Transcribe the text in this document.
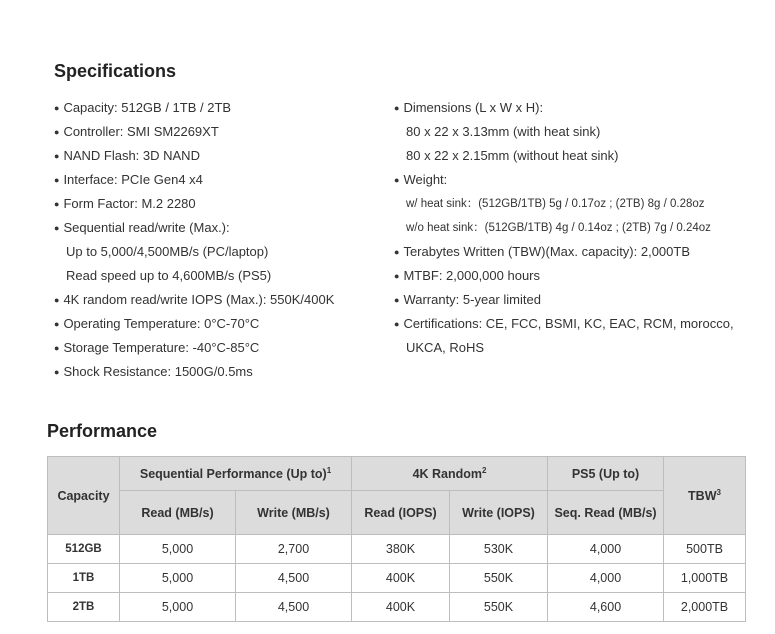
Specifications
● Capacity: 512GB / 1TB / 2TB
● Controller: SMI SM2269XT
● NAND Flash: 3D NAND
● Interface: PCIe Gen4 x4
● Form Factor: M.2 2280
● Sequential read/write (Max.):
Up to 5,000/4,500MB/s (PC/laptop)
Read speed up to 4,600MB/s (PS5)
● 4K random read/write IOPS (Max.): 550K/400K
● Operating Temperature: 0°C-70°C
● Storage Temperature: -40°C-85°C
● Shock Resistance: 1500G/0.5ms
● Dimensions (L x W x H):
80 x 22 x 3.13mm (with heat sink)
80 x 22 x 2.15mm (without heat sink)
● Weight:
w/ heat sink：(512GB/1TB) 5g / 0.17oz ; (2TB) 8g / 0.28oz
w/o heat sink：(512GB/1TB) 4g / 0.14oz ; (2TB) 7g / 0.24oz
● Terabytes Written (TBW)(Max. capacity): 2,000TB
● MTBF: 2,000,000 hours
● Warranty: 5-year limited
● Certifications: CE, FCC, BSMI, KC, EAC, RCM, morocco,
UKCA, RoHS
Performance
Capacity	Sequential Performance (Up to)$^1$		4K Random$^2$		PS5 (Up to)	TBW$^3$
	Read (MB/s)	Write (MB/s)	Read (IOPS)	Write (IOPS)	Seq. Read (MB/s)	
512GB	5,000	2,700	380K	530K	4,000	500TB
1TB	5,000	4,500	400K	550K	4,000	1,000TB
2TB	5,000	4,500	400K	550K	4,600	2,000TB
